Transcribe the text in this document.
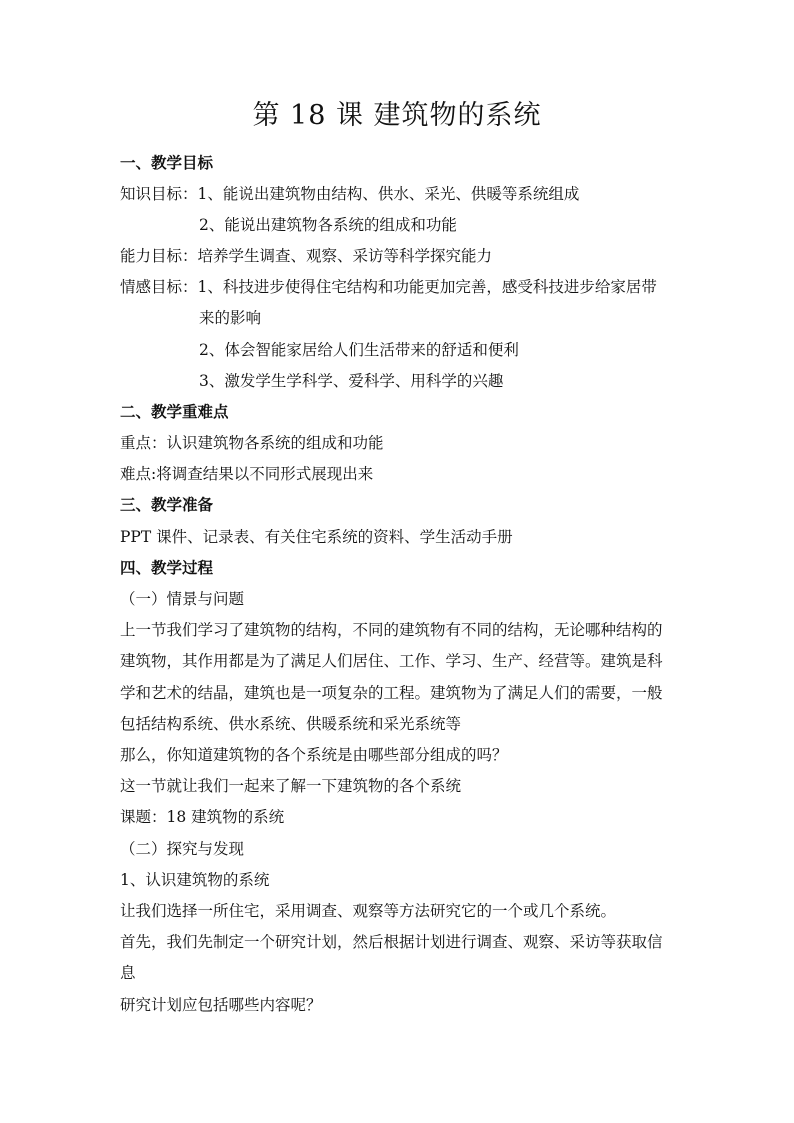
第 18 课 建筑物的系统
一、教学目标
知识目标：1、能说出建筑物由结构、供水、采光、供暖等系统组成
2、能说出建筑物各系统的组成和功能
能力目标：培养学生调查、观察、采访等科学探究能力
情感目标：1、科技进步使得住宅结构和功能更加完善，感受科技进步给家居带
来的影响
2、体会智能家居给人们生活带来的舒适和便利
3、激发学生学科学、爱科学、用科学的兴趣
二、教学重难点
重点：认识建筑物各系统的组成和功能
难点:将调查结果以不同形式展现出来
三、教学准备
PPT 课件、记录表、有关住宅系统的资料、学生活动手册
四、教学过程
（一）情景与问题
上一节我们学习了建筑物的结构，不同的建筑物有不同的结构，无论哪种结构的
建筑物，其作用都是为了满足人们居住、工作、学习、生产、经营等。建筑是科
学和艺术的结晶，建筑也是一项复杂的工程。建筑物为了满足人们的需要，一般
包括结构系统、供水系统、供暖系统和采光系统等
那么，你知道建筑物的各个系统是由哪些部分组成的吗？
这一节就让我们一起来了解一下建筑物的各个系统
课题：18 建筑物的系统
（二）探究与发现
1、认识建筑物的系统
让我们选择一所住宅，采用调查、观察等方法研究它的一个或几个系统。
首先，我们先制定一个研究计划，然后根据计划进行调查、观察、采访等获取信
息
研究计划应包括哪些内容呢？
